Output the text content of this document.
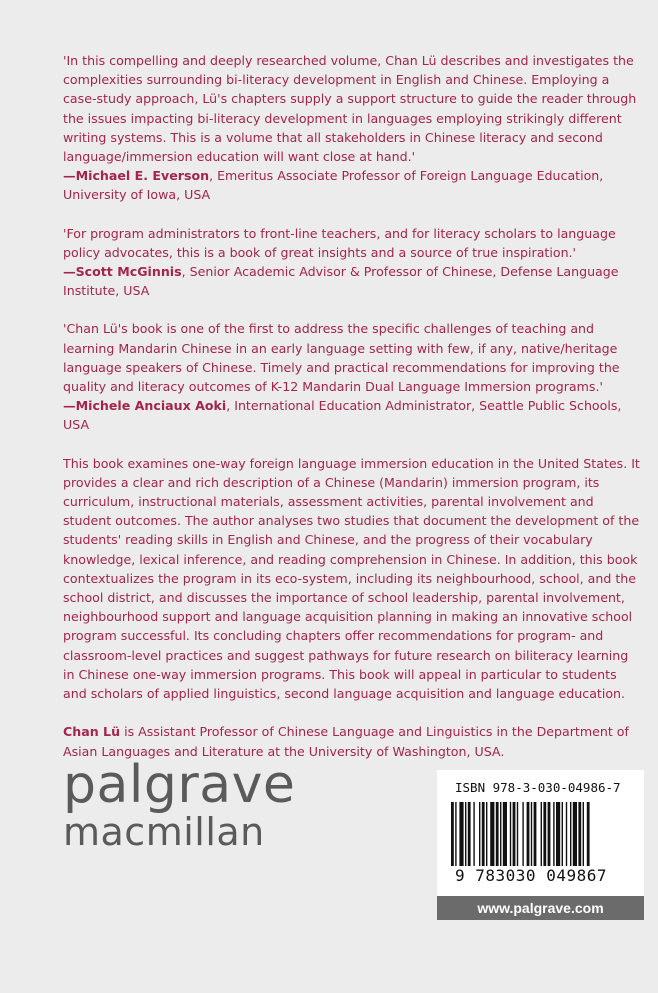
'In this compelling and deeply researched volume, Chan Lü describes and investigates the complexities surrounding bi-literacy development in English and Chinese. Employing a case-study approach, Lü's chapters supply a support structure to guide the reader through the issues impacting bi-literacy development in languages employing strikingly different writing systems. This is a volume that all stakeholders in Chinese literacy and second language/immersion education will want close at hand.'
—Michael E. Everson, Emeritus Associate Professor of Foreign Language Education, University of Iowa, USA

'For program administrators to front-line teachers, and for literacy scholars to language policy advocates, this is a book of great insights and a source of true inspiration.'
—Scott McGinnis, Senior Academic Advisor & Professor of Chinese, Defense Language Institute, USA

'Chan Lü's book is one of the first to address the specific challenges of teaching and learning Mandarin Chinese in an early language setting with few, if any, native/heritage language speakers of Chinese. Timely and practical recommendations for improving the quality and literacy outcomes of K-12 Mandarin Dual Language Immersion programs.'
—Michele Anciaux Aoki, International Education Administrator, Seattle Public Schools, USA

This book examines one-way foreign language immersion education in the United States. It provides a clear and rich description of a Chinese (Mandarin) immersion program, its curriculum, instructional materials, assessment activities, parental involvement and student outcomes. The author analyses two studies that document the development of the students' reading skills in English and Chinese, and the progress of their vocabulary knowledge, lexical inference, and reading comprehension in Chinese. In addition, this book contextualizes the program in its eco-system, including its neighbourhood, school, and the school district, and discusses the importance of school leadership, parental involvement, neighbourhood support and language acquisition planning in making an innovative school program successful. Its concluding chapters offer recommendations for program- and classroom-level practices and suggest pathways for future research on biliteracy learning in Chinese one-way immersion programs. This book will appeal in particular to students and scholars of applied linguistics, second language acquisition and language education.

Chan Lü is Assistant Professor of Chinese Language and Linguistics in the Department of Asian Languages and Literature at the University of Washington, USA.

palgrave
macmillan
ISBN 978-3-030-04986-7
9 783030 049867
www.palgrave.com
